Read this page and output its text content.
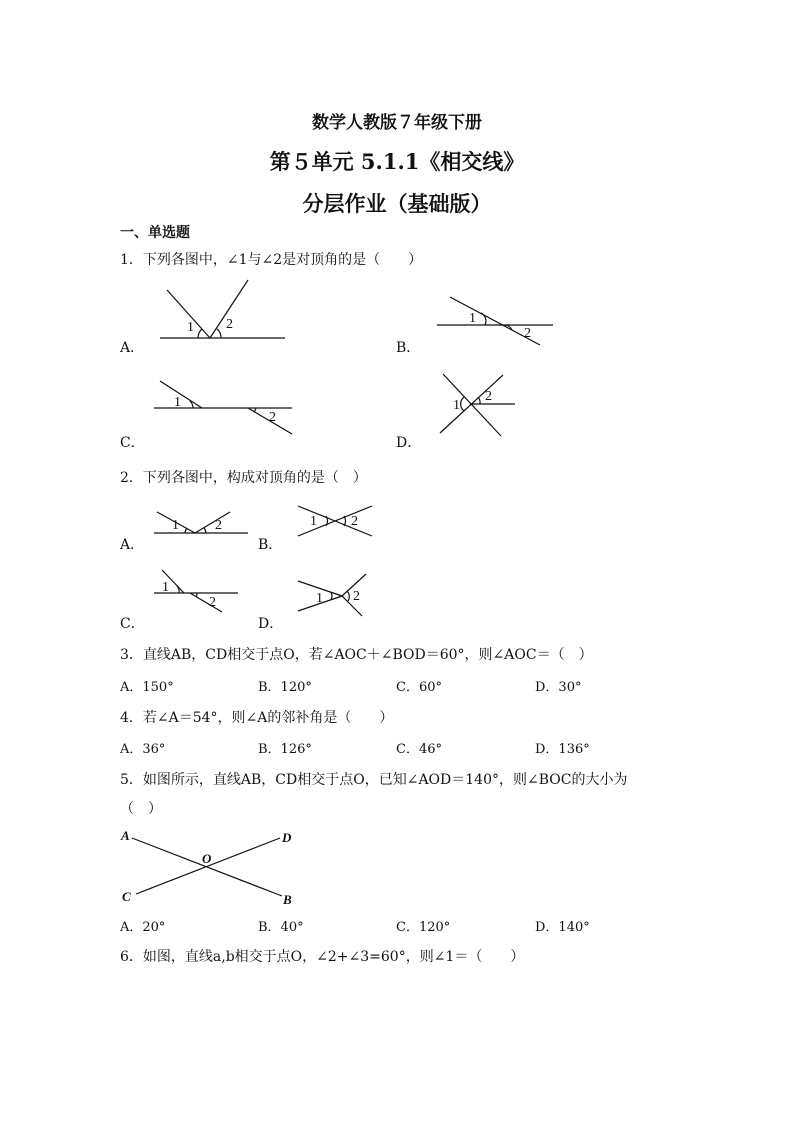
数学人教版７年级下册
第５单元 5.1.1《相交线》
分层作业（基础版）
一、单选题
1．下列各图中，∠1与∠2是对顶角的是（　　）
A．
1 2
B．
1
2
C．
1
2
D．
1
2
2．下列各图中，构成对顶角的是（　）
A．
1	2
B．
1 2
C．
1
2
D．
1 2
3．直线AB，CD相交于点O，若∠AOC＋∠BOD＝60°，则∠AOC＝（　）
A．150°	B．120°	C．60°	D．30°
4．若∠A＝54°，则∠A的邻补角是（　　）
A．36°	B．126°	C．46°	D．136°
5．如图所示，直线AB，CD相交于点O，已知∠AOD＝140°，则∠BOC的大小为
（　）
A	D
O
C	B
A．20°	B．40°	C．120°	D．140°
6．如图，直线a,b相交于点O，∠2+∠3=60°，则∠1＝（　　）
